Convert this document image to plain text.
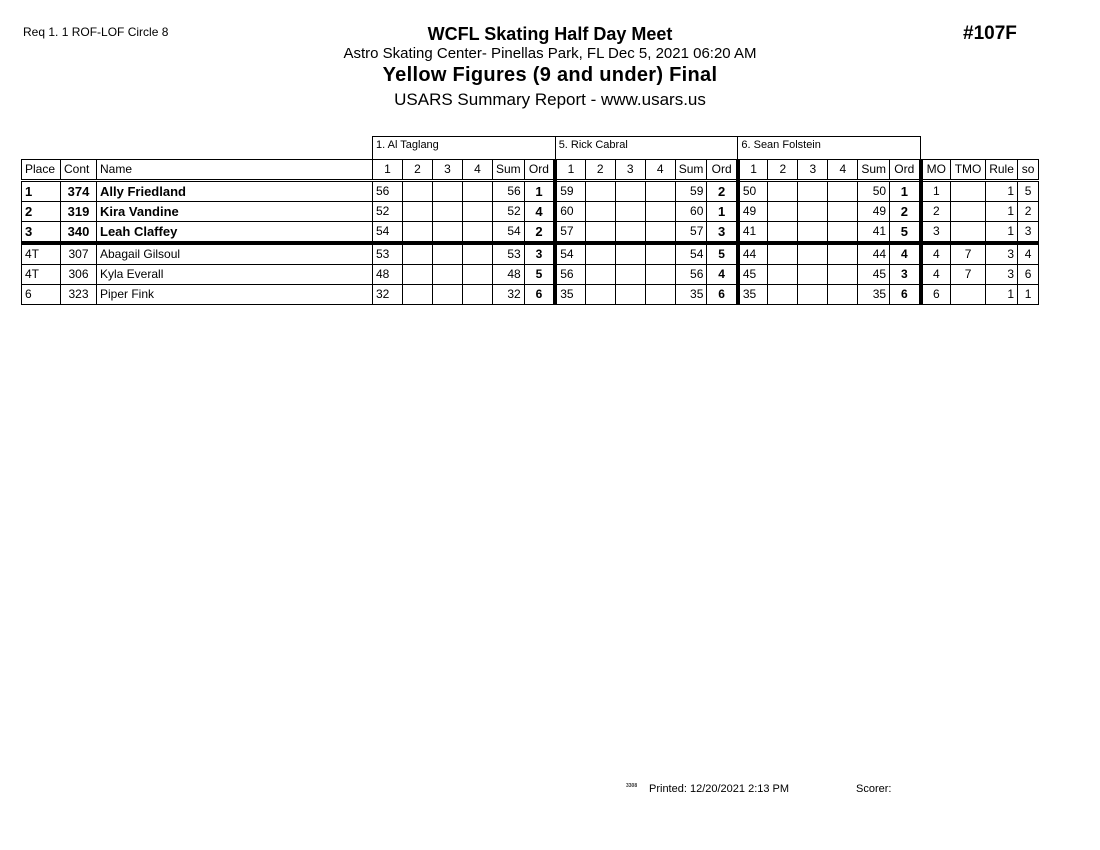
Req 1. 1 ROF-LOF Circle 8	WCFL Skating Half Day Meet
Astro Skating Center- Pinellas Park, FL Dec 5, 2021 06:20 AM
Yellow Figures (9 and under) Final
USARS Summary Report - www.usars.us
#107F
			1. Al Taglang						5. Rick Cabral						6. Sean Folstein									
Place	Cont	Name	1	2	3	4	Sum	Ord	1	2	3	4	Sum	Ord	1	2	3	4	Sum	Ord	MO	TMO	Rule	so
1	374	Ally Friedland	56				56	1	59				59	2	50				50	1	1		1	5
2	319	Kira Vandine	52				52	4	60				60	1	49				49	2	2		1	2
3	340	Leah Claffey	54				54	2	57				57	3	41				41	5	3		1	3
4T	307	Abagail Gilsoul	53				53	3	54				54	5	44				44	4	4	7	3	4
4T	306	Kyla Everall	48				48	5	56				56	4	45				45	3	4	7	3	6
6	323	Piper Fink	32				32	6	35				35	6	35				35	6	6		1	1
3308 Printed: 12/20/2021 2:13 PM	Scorer:
